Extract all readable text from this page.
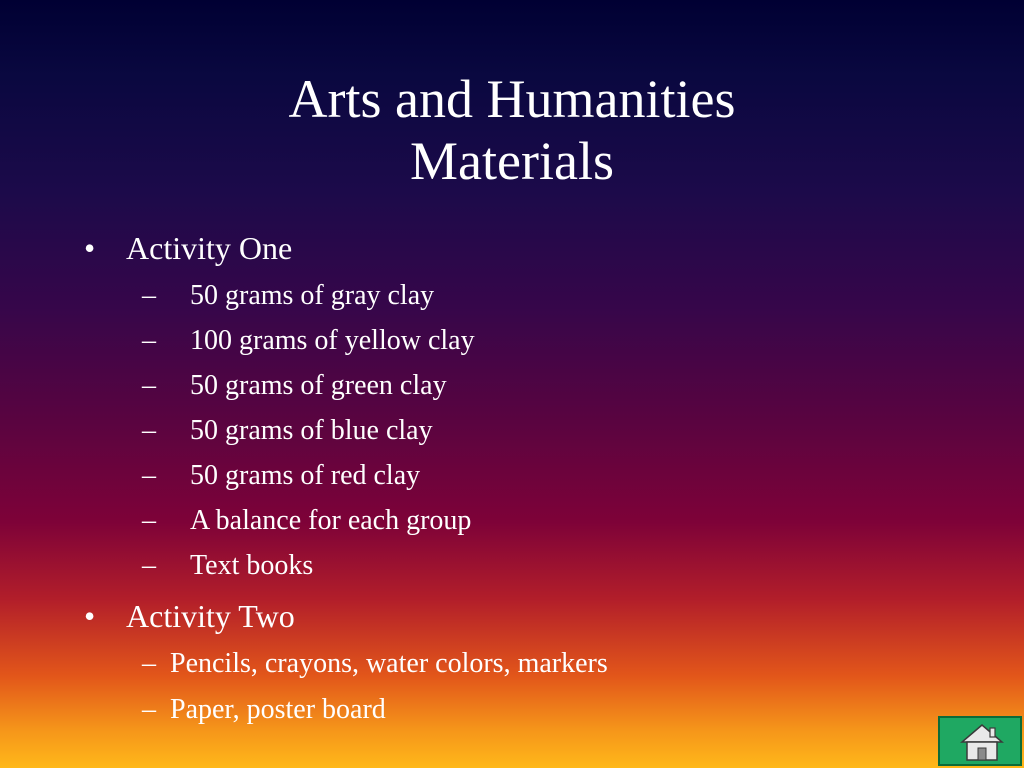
Arts and Humanities
Materials
• Activity One
– 50 grams of gray clay
– 100 grams of yellow clay
– 50 grams of green clay
– 50 grams of blue clay
– 50 grams of red clay
– A balance for each group
– Text books
• Activity Two
– Pencils, crayons, water colors, markers
– Paper, poster board
